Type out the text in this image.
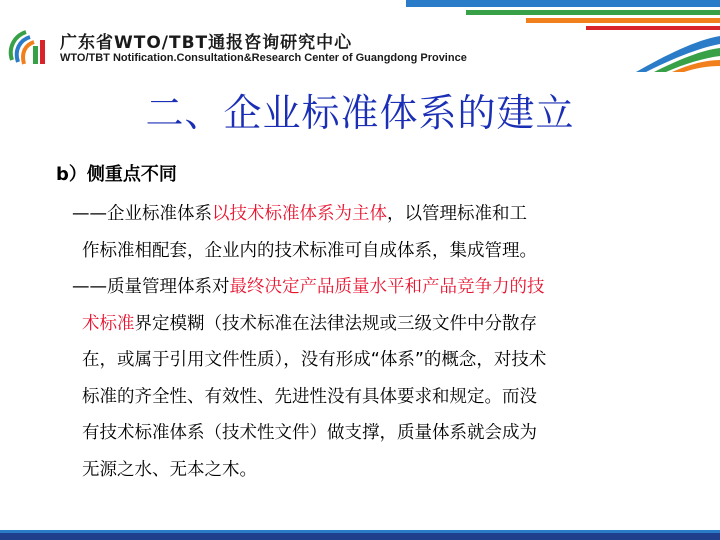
广东省WTO/TBT通报咨询研究中心
WTO/TBT Notification.Consultation&Research Center of Guangdong Province
二、企业标准体系的建立
b）侧重点不同
——企业标准体系以技术标准体系为主体，以管理标准和工
作标准相配套，企业内的技术标准可自成体系，集成管理。
——质量管理体系对最终决定产品质量水平和产品竞争力的技
术标准界定模糊（技术标准在法律法规或三级文件中分散存
在，或属于引用文件性质），没有形成“体系”的概念，对技术
标准的齐全性、有效性、先进性没有具体要求和规定。而没
有技术标准体系（技术性文件）做支撑，质量体系就会成为
无源之水、无本之木。
